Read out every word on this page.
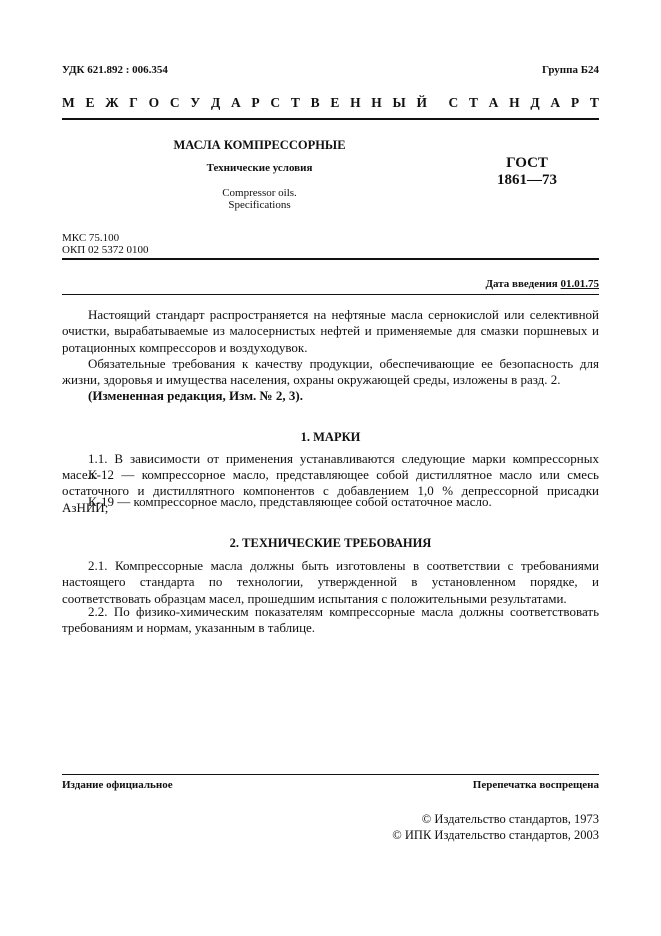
УДК 621.892 : 006.354	Группа Б24
М Е Ж Г О С У Д А Р С Т В Е Н Н Ы Й С Т А Н Д А Р Т
МАСЛА КОМПРЕССОРНЫЕ
Технические условия
Compressor oils.
Specifications
ГОСТ
1861—73
МКС 75.100
ОКП 02 5372 0100
Дата введения 01.01.75
Настоящий стандарт распространяется на нефтяные масла сернокислой или селективной очистки, вырабатываемые из малосернистых нефтей и применяемые для смазки поршневых и ротационных компрессоров и воздуходувок.
Обязательные требования к качеству продукции, обеспечивающие ее безопасность для жизни, здоровья и имущества населения, охраны окружающей среды, изложены в разд. 2.
(Измененная редакция, Изм. № 2, 3).
1. МАРКИ
1.1. В зависимости от применения устанавливаются следующие марки компрессорных масел:
К-12 — компрессорное масло, представляющее собой дистиллятное масло или смесь остаточного и дистиллятного компонентов с добавлением 1,0 % депрессорной присадки АзНИИ;
К-19 — компрессорное масло, представляющее собой остаточное масло.
2. ТЕХНИЧЕСКИЕ ТРЕБОВАНИЯ
2.1. Компрессорные масла должны быть изготовлены в соответствии с требованиями настоящего стандарта по технологии, утвержденной в установленном порядке, и соответствовать образцам масел, прошедшим испытания с положительными результатами.
2.2. По физико-химическим показателям компрессорные масла должны соответствовать требованиям и нормам, указанным в таблице.
Издание официальное	Перепечатка воспрещена
© Издательство стандартов, 1973
© ИПК Издательство стандартов, 2003
